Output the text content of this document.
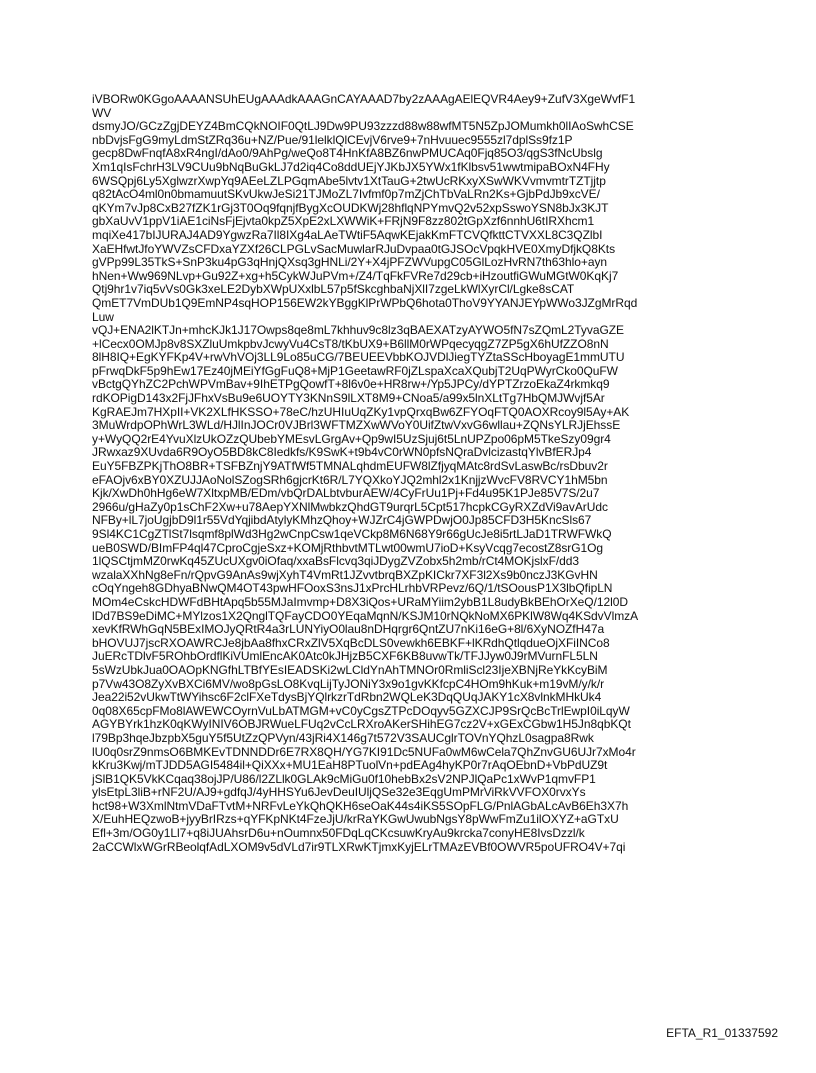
iVBORw0KGgoAAAANSUhEUgAAAdkAAAGnCAYAAAD7by2zAAAgAElEQVR4Aey9+ZufV3XgeWvfF1
WV
dsmyJO/GCzZgjDEYZ4BmCQkNOIF0QtLJ9Dw9PU93zzzd88w88wfMT5N5ZpJOMumkh0lIAoSwhCSE
nbDvjsFgG9myLdmStZRq36u+NZ/Pue/91lelklQlCEvjV6rve9+7nHvuuec9555zl7dplSs9fz1P
gecp8DwFnqfA8xR4ngI/dAo0/9AhPg/weQo8T4HnKfA8BZ6nwPMUCAq0Fjq85O3/qgS3fNcUbslg
Xm1qIsFchrH3LV9CUu9bNqBuGkLJ7d2iq4Co8ddUEjYJKbJX5YWx1fKlbsv51wwtmipaBOxN4FHy
6WSQpj6Ly5XglwzrXwpYq9AEeLZLPGqmAbe5lvtv1XtTauG+2twUcRKxyXSwWKVvmvmtrTZTjjtp
q82tAcO4ml0n0bmamuutSKvUkwJeSi21TJMoZL7Ivfmf0p7mZjChTbVaLRn2Ks+GjbPdJb9xcVE/
qKYm7vJp8CxB27fZK1rGj3T0Oq9fqnjfBygXcOUDKWj28hflqNPYmvQ2v52xpSswoYSN8bJx3KJT
gbXaUvV1ppV1iAE1ciNsFjEjvta0kpZ5XpE2xLXWWiK+FRjN9F8zz802tGpXzf6nnhU6tIRXhcm1
mqiXe417bIJURAJ4AD9YgwzRa7Il8IXg4aLAeTWtiF5AqwKEjakKmFTCVQfkttCTVXXL8C3QZlbI
XaEHfwtJfoYWVZsCFDxaYZXf26CLPGLvSacMuwlarRJuDvpaa0tGJSOcVpqkHVE0XmyDfjkQ8Kts
gVPp99L35TkS+SnP3ku4pG3qHnjQXsq3gHNLi/2Y+X4jPFZWVupgC05GlLozHvRN7th63hlo+ayn
hNen+Ww969NLvp+Gu92Z+xg+h5CykWJuPVm+/Z4/TqFkFVRe7d29cb+iHzoutfiGWuMGtW0KqKj7
Qtj9hr1v7iq5vVs0Gk3xeLE2DybXWpUXxlbL57p5fSkcghbaNjXlI7zgeLkWlXyrCl/Lgke8sCAT
QmET7VmDUb1Q9EmNP4sqHOP156EW2kYBggKlPrWPbQ6hota0ThoV9YYANJEYpWWo3JZgMrRqd
Luw
vQJ+ENA2lKTJn+mhcKJk1J17Owps8qe8mL7khhuv9c8lz3qBAEXATzyAYWO5fN7sZQmL2TyvaGZE
+lCecx0OMJp8v8SXZluUmkpbvJcwyVu4CsT8/tKbUX9+B6llM0rWPqecyqgZ7ZP5gX6hUfZZO8nN
8lH8IQ+EgKYFKp4V+rwVhVOj3LL9Lo85uCG/7BEUEEVbbKOJVDlJiegTYZtaSScHboyagE1mmUTU
pFrwqDkF5p9hEw17Ez40jMEiYfGgFuQ8+MjP1GeetawRF0jZLspaXcaXQubjT2UqPWyrCko0QuFW
vBctgQYhZC2PchWPVmBav+9IhETPgQowfT+8l6v0e+HR8rw+/Yp5JPCy/dYPTZrzoEkaZ4rkmkq9
rdKOPigD143x2FjJFhxVsBu9e6UOYTY3KNnS9lLXT8M9+CNoa5/a99x5lnXLtTg7HbQMJWvjf5Ar
KgRAEJm7HXpII+VK2XLfHKSSO+78eC/hzUHIuUqZKy1vpQrxqBw6ZFYOqFTQ0AOXRcoy9l5Ay+AK
3MuWrdpOPhWrL3WLd/HJlInJOCr0VJBrl3WFTMZXwWVoY0UifZtwVxvG6wllau+ZQNsYLRJjEhssE
y+WyQQ2rE4YvuXlzUkOZzQUbebYMEsvLGrgAv+Qp9wI5UzSjuj6t5LnUPZpo06pM5TkeSzy09gr4
JRwxaz9XUvda6R9OyO5BD8kC8Iedkfs/K9SwK+t9b4vC0rWN0pfsNQraDvlcizastqYlvBfERJp4
EuY5FBZPKjThO8BR+TSFBZnjY9ATfWf5TMNALqhdmEUFW8lZfjyqMAtc8rdSvLaswBc/rsDbuv2r
eFAOjv6xBY0XZUJJAoNolSZogSRh6gjcrKt6R/L7YQXkoYJQ2mhl2x1KnjjzWvcFV8RVCY1hM5bn
Kjk/XwDh0hHg6eW7XltxpMB/EDm/vbQrDALbtvburAEW/4CyFrUu1Pj+Fd4u95K1PJe85V7S/2u7
2966u/gHaZy0p1sChF2Xw+u78AepYXNlMwbkzQhdGT9urqrL5Cpt517hcpkCGyRXZdVi9avArUdc
NFBy+lL7joUgjbD9l1r55VdYqjibdAtylyKMhzQhoy+WJZrC4jGWPDwjO0Jp85CFD3H5KncSls67
9Sl4KC1CgZTlSt7lsqmf8plWd3Hg2wCnpCsw1qeVCkp8M6N68Y9r66gUcJe8i5rtLJaD1TRWFWkQ
ueB0SWD/BImFP4ql47CproCgjeSxz+KOMjRthbvtMTLwt00wmU7ioD+KsyVcqg7ecostZ8srG1Og
1lQSCtjmMZ0rwKq45ZUcUXgv0iOfaq/xxaBsFlcvq3qiJDygZVZobx5h2mb/rCt4MOKjslxF/dd3
wzalaXXhNg8eFn/rQpvG9AnAs9wjXyhT4VmRt1JZvvtbrqBXZpKICkr7XF3l2Xs9b0nczJ3KGvHN
cOqYngeh8GDhyaBNwQM4OT43pwHFOoxS3nsJ1xPrcHLrhbVRPevz/6Q/1/tSOousP1X3lbQfipLN
MOm4eCskcHDWFdBHtApq5b55MJaImvmp+D8X3iQos+URaMYiim2ybB1L8udyBkBEhOrXeQ/12l0D
lDd7BS9eDiMC+MYlzos1X2QnglTQFayCDO0YEqaMqnN/KSJM10rNQkNoMX6PKlW8Wq4KSdvVlmzA
xevKfRWhGqN5BExIMOJyQRtR4a3rLUNYiyO0lau8nDHqrgr6QntZU7nKi16eG+8l/6XyNOZfH47a
bHOVUJ7jscRXOAWRCJe8jbAa8fhxCRxZlV5XqBcDLS0vewkh6EBKF+lKRdhQtlqdueOjXFiINCo8
JuERcTDlvF5ROhbOrdflKiVUmlEncAK0Atc0kJHjzB5CXF6KB8uvwTk/TFJJyw0J9rMVurnFL5LN
5sWzUbkJua0OAOpKNGfhLTBfYEsIEADSKi2wLCldYnAhTMNOr0RmliScl23IjeXBNjReYkKcyBiM
p7Vw43O8ZyXvBXCi6MV/wo8pGsLO8KvqLijTyJONiY3x9o1gvKKfcpC4HOm9hKuk+m19vM/y/k/r
Jea22i52vUkwTtWYihsc6F2clFXeTdysBjYQlrkzrTdRbn2WQLeK3DqQUqJAKY1cX8vlnkMHkUk4
0q08X65cpFMo8lAWEWCOyrnVuLbATMGM+vC0yCgsZTPcDOqyv5GZXCJP9SrQcBcTrlEwpI0iLqyW
AGYBYrk1hzK0qKWyINIV6OBJRWueLFUq2vCcLRXroAKerSHihEG7cz2V+xGExCGbw1H5Jn8qbKQt
l79Bp3hqeJbzpbX5guY5f5UtZzQPVyn/43jRi4X146g7t572V3SAUCglrTOVnYQhzL0sagpa8Rwk
lU0q0srZ9nmsO6BMKEvTDNNDDr6E7RX8QH/YG7KI91Dc5NUFa0wM6wCela7QhZnvGU6UJr7xMo4r
kKru3Kwj/mTJDD5AGI5484il+QiXXx+MU1EaH8PTuolVn+pdEAg4hyKP0r7rAqOEbnD+VbPdUZ9t
jSlB1QK5VkKCqaq38ojJP/U86/l2ZLlk0GLAk9cMiGu0f10hebBx2sV2NPJlQaPc1xWvP1qmvFP1
ylsEtpL3liB+rNF2U/AJ9+gdfqJ/4yHHSYu6JevDeuIUljQSe32e3EqgUmPMrViRkVVFOX0rvxYs
hct98+W3XmlNtmVDaFTvtM+NRFvLeYkQhQKH6seOaK44s4iKS5SOpFLG/PnlAGbALcAvB6Eh3X7h
X/EuhHEQzwoB+jyyBrIRzs+qYFKpNKt4FzeJjU/krRaYKGwUwubNgsY8pWwFmZu1ilOXYZ+aGTxU
Efl+3m/OG0y1Ll7+q8iJUAhsrD6u+nOumnx50FDqLqCKcsuwKryAu9krcka7conyHE8IvsDzzl/k
2aCCWlxWGrRBeolqfAdLXOM9v5dVLd7ir9TLXRwKTjmxKyjELrTMAzEVBf0OWVR5poUFRO4V+7qi
EFTA_R1_01337592
